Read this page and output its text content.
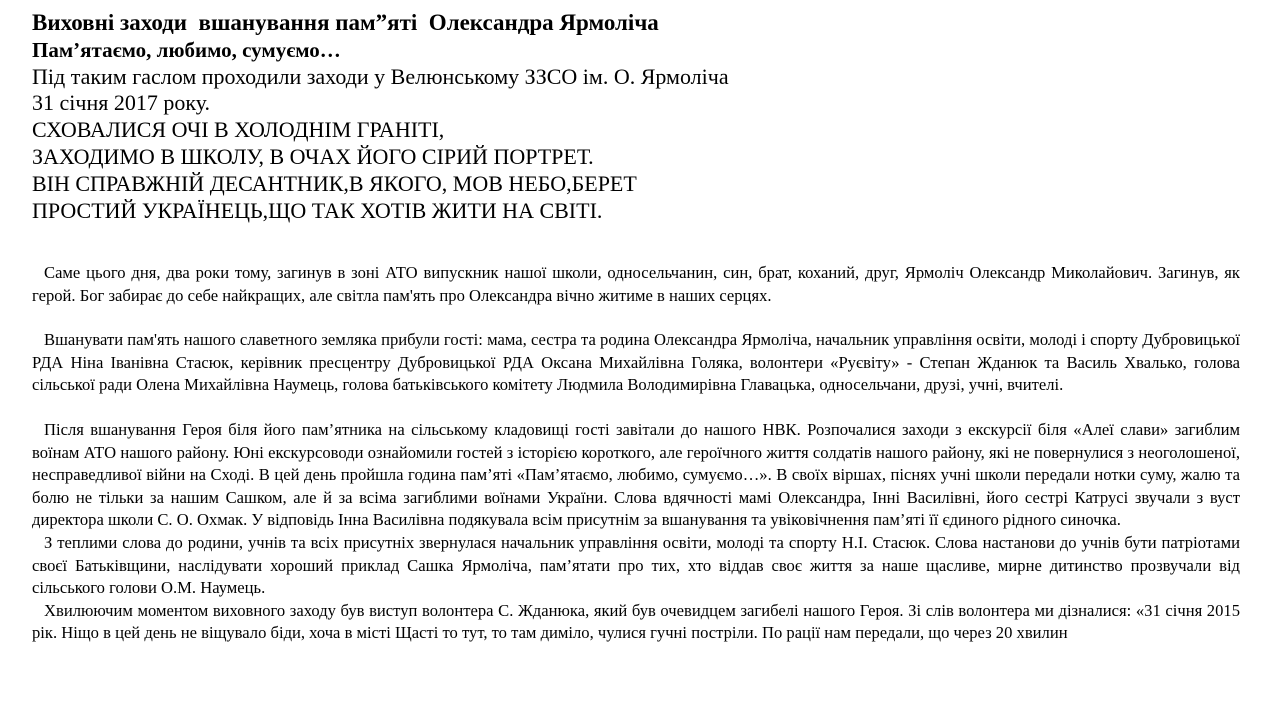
Виховні заходи  вшанування пам”яті  Олександра Ярмоліча

Пам’ятаємо, любимо, сумуємо…

Під таким гаслом проходили заходи у Велюнському ЗЗСО ім. О. Ярмоліча

31 січня 2017 року.

СХОВАЛИСЯ ОЧІ В ХОЛОДНІМ ГРАНІТІ,

ЗАХОДИМО В ШКОЛУ, В ОЧАХ ЙОГО СІРИЙ ПОРТРЕТ.

ВІН СПРАВЖНІЙ ДЕСАНТНИК,В ЯКОГО, МОВ НЕБО,БЕРЕТ

ПРОСТИЙ УКРАЇНЕЦЬ,ЩО ТАК ХОТІВ ЖИТИ НА СВІТІ.

Саме цього дня, два роки тому, загинув в зоні АТО випускник нашої школи, односельчанин, син, брат, коханий, друг, Ярмоліч Олександр Миколайович. Загинув, як герой. Бог забирає до себе найкращих, але світла пам'ять про Олександра вічно житиме в наших серцях.

Вшанувати пам'ять нашого славетного земляка прибули гості: мама, сестра та родина Олександра Ярмоліча, начальник управління освіти, молоді і спорту Дубровицької РДА Ніна Іванівна Стасюк, керівник пресцентру Дубровицької РДА Оксана Михайлівна Голяка, волонтери «Руєвіту» - Степан Жданюк та Василь Хвалько, голова сільської ради Олена Михайлівна Наумець, голова батьківського комітету Людмила Володимирівна Главацька, односельчани, друзі, учні, вчителі.

Після вшанування Героя біля його пам’ятника на сільському кладовищі гості завітали до нашого НВК. Розпочалися заходи з екскурсії біля «Алеї слави» загиблим воїнам АТО нашого району. Юні екскурсоводи ознайомили гостей з історією короткого, але героїчного життя солдатів нашого району, які не повернулися з неоголошеної, несправедливої війни на Сході. В цей день пройшла година пам’яті «Пам’ятаємо, любимо, сумуємо…». В своїх віршах, піснях учні школи передали нотки суму, жалю та болю не тільки за нашим Сашком, але й за всіма загиблими воїнами України. Слова вдячності мамі Олександра, Інні Василівні, його сестрі Катрусі звучали з вуст директора школи С. О. Охмак. У відповідь Інна Василівна подякувала всім присутнім за вшанування та увіковічнення пам’яті її єдиного рідного синочка.

З теплими слова до родини, учнів та всіх присутніх звернулася начальник управління освіти, молоді та спорту Н.І. Стасюк. Слова настанови до учнів бути патріотами своєї Батьківщини, наслідувати хороший приклад Сашка Ярмоліча, пам’ятати про тих, хто віддав своє життя за наше щасливе, мирне дитинство прозвучали від сільського голови О.М. Наумець.

Хвилюючим моментом виховного заходу був виступ волонтера С. Жданюка, який був очевидцем загибелі нашого Героя. Зі слів волонтера ми дізналися: «31 січня 2015 рік. Ніщо в цей день не віщувало біди, хоча в місті Щасті то тут, то там диміло, чулися гучні постріли. По рації нам передали, що через 20 хвилин
